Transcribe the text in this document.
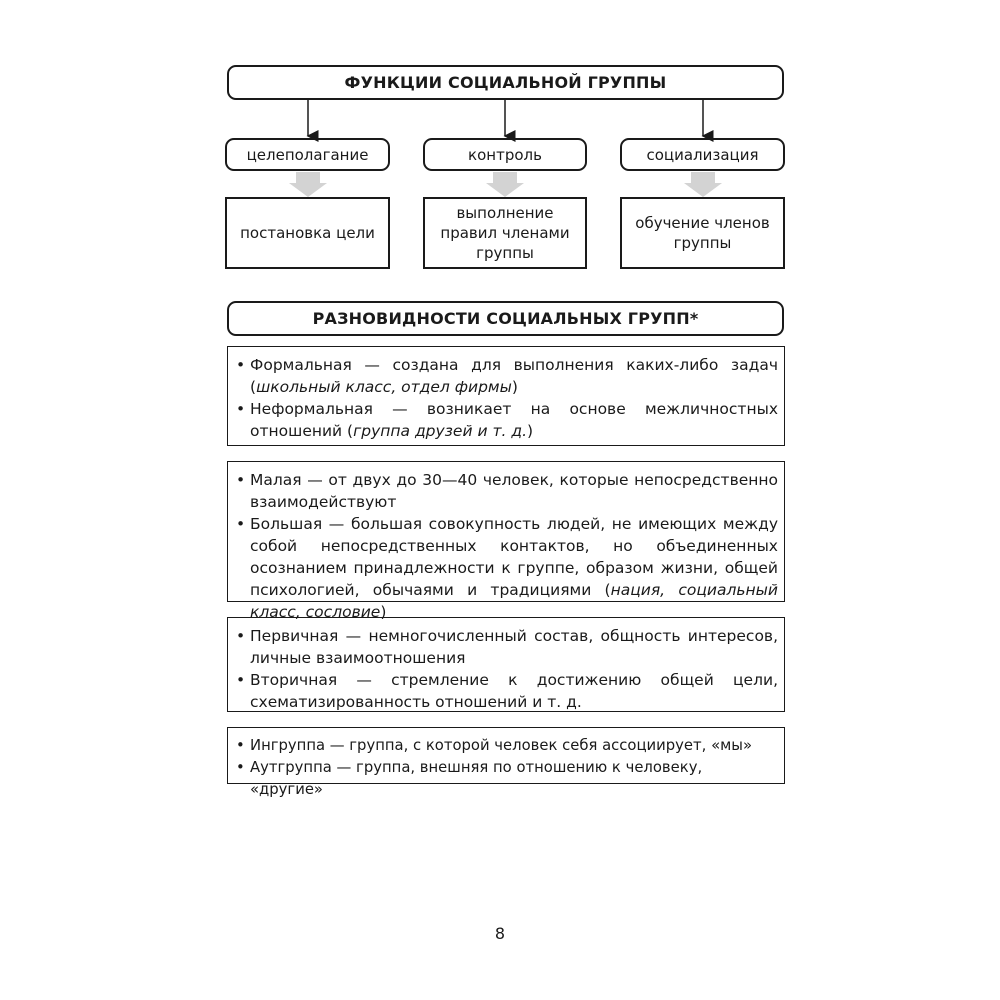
ФУНКЦИИ СОЦИАЛЬНОЙ ГРУППЫ
целеполагание	контроль	социализация
постановка цели
выполнение правил членами группы
обучение членов группы
РАЗНОВИДНОСТИ СОЦИАЛЬНЫХ ГРУПП*
• Формальная — создана для выполнения каких-либо задач (школьный класс, отдел фирмы)
• Неформальная — возникает на основе межличностных отношений (группа друзей и т. д.)
• Малая — от двух до 30—40 человек, которые непосредственно взаимодействуют
• Большая — большая совокупность людей, не имеющих между собой непосредственных контактов, но объединенных осознанием принадлежности к группе, образом жизни, общей психологией, обычаями и традициями (нация, социальный класс, сословие)
• Первичная — немногочисленный состав, общность интересов, личные взаимоотношения
• Вторичная — стремление к достижению общей цели, схематизированность отношений и т. д.
• Ингруппа — группа, с которой человек себя ассоциирует, «мы»
• Аутгруппа — группа, внешняя по отношению к человеку, «другие»
8
